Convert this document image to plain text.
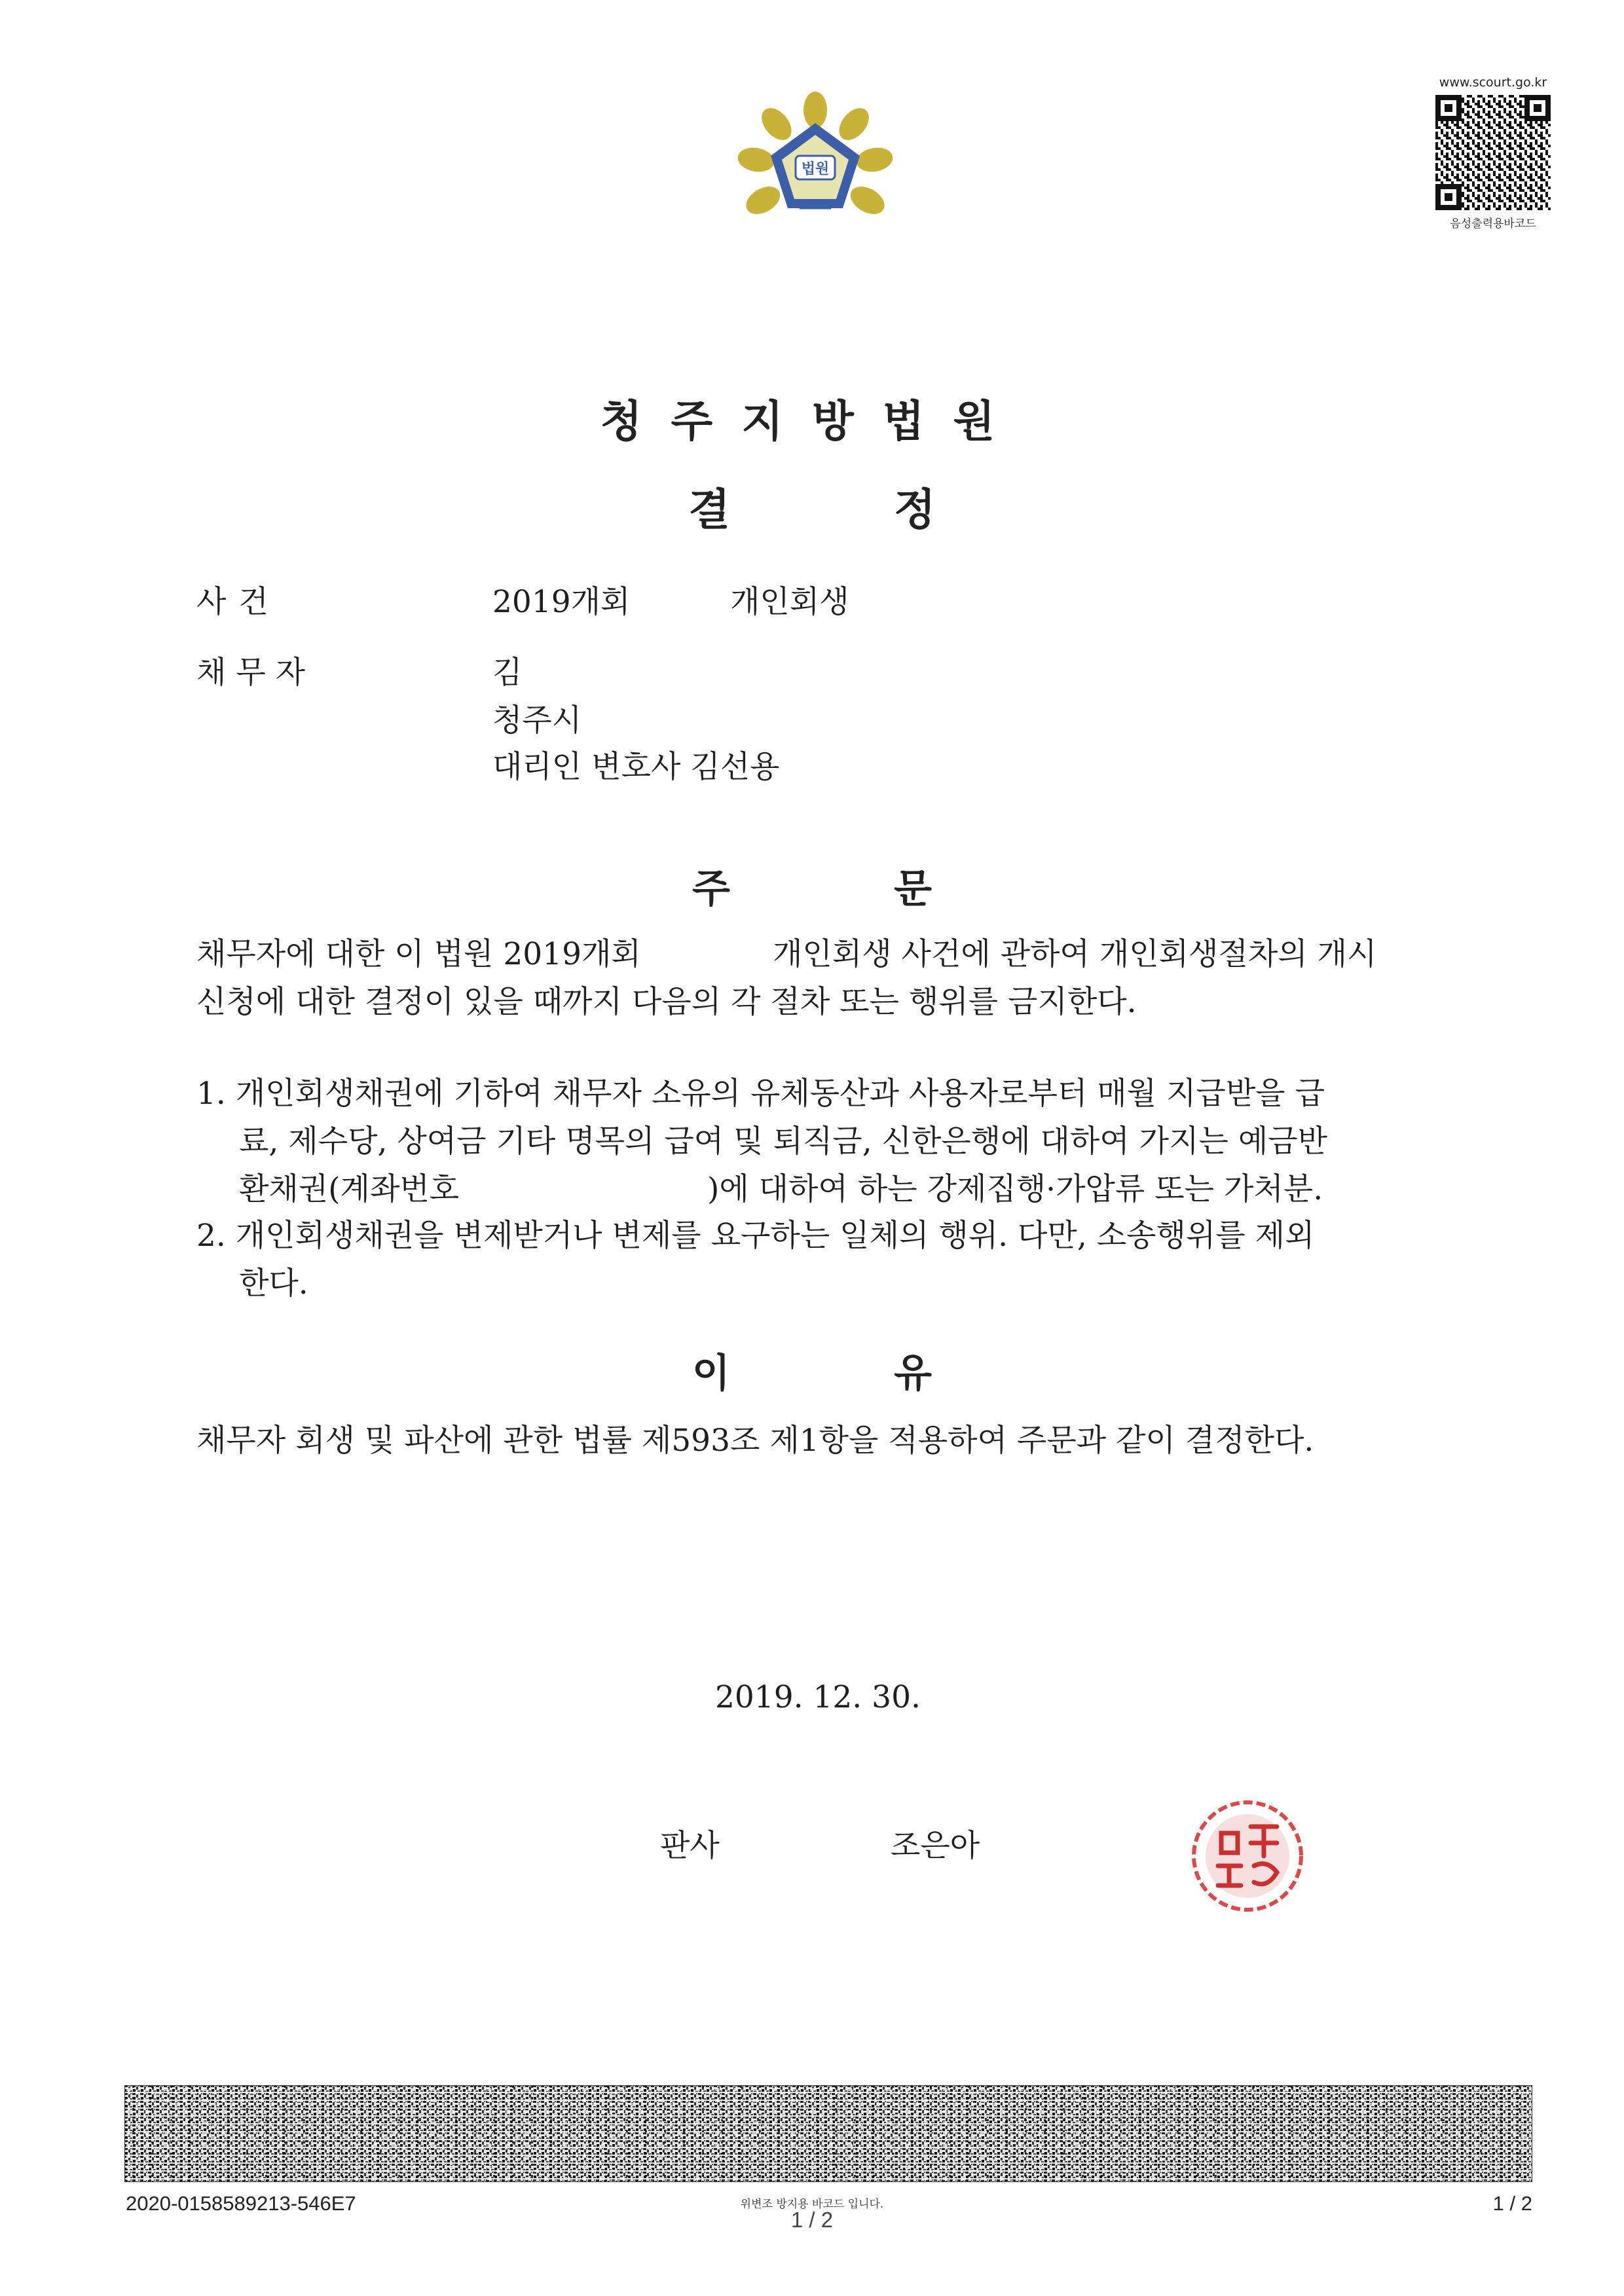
법원
www.scourt.go.kr
음성출력용바코드
청주지방법원
결정
사 건	2019개회	개인회생
채 무 자	김
청주시
대리인 변호사 김선용
주문
채무자에 대한 이 법원 2019개회	개인회생 사건에 관하여 개인회생절차의 개시
신청에 대한 결정이 있을 때까지 다음의 각 절차 또는 행위를 금지한다.
1. 개인회생채권에 기하여 채무자 소유의 유체동산과 사용자로부터 매월 지급받을 급
료, 제수당, 상여금 기타 명목의 급여 및 퇴직금, 신한은행에 대하여 가지는 예금반
환채권(계좌번호	)에 대하여 하는 강제집행·가압류 또는 가처분.
2. 개인회생채권을 변제받거나 변제를 요구하는 일체의 행위. 다만, 소송행위를 제외
한다.
이유
채무자 회생 및 파산에 관한 법률 제593조 제1항을 적용하여 주문과 같이 결정한다.
2019. 12. 30.
판사	조은아
2020-0158589213-546E7	위변조 방지용 바코드 입니다.
1 / 2
1 / 2
